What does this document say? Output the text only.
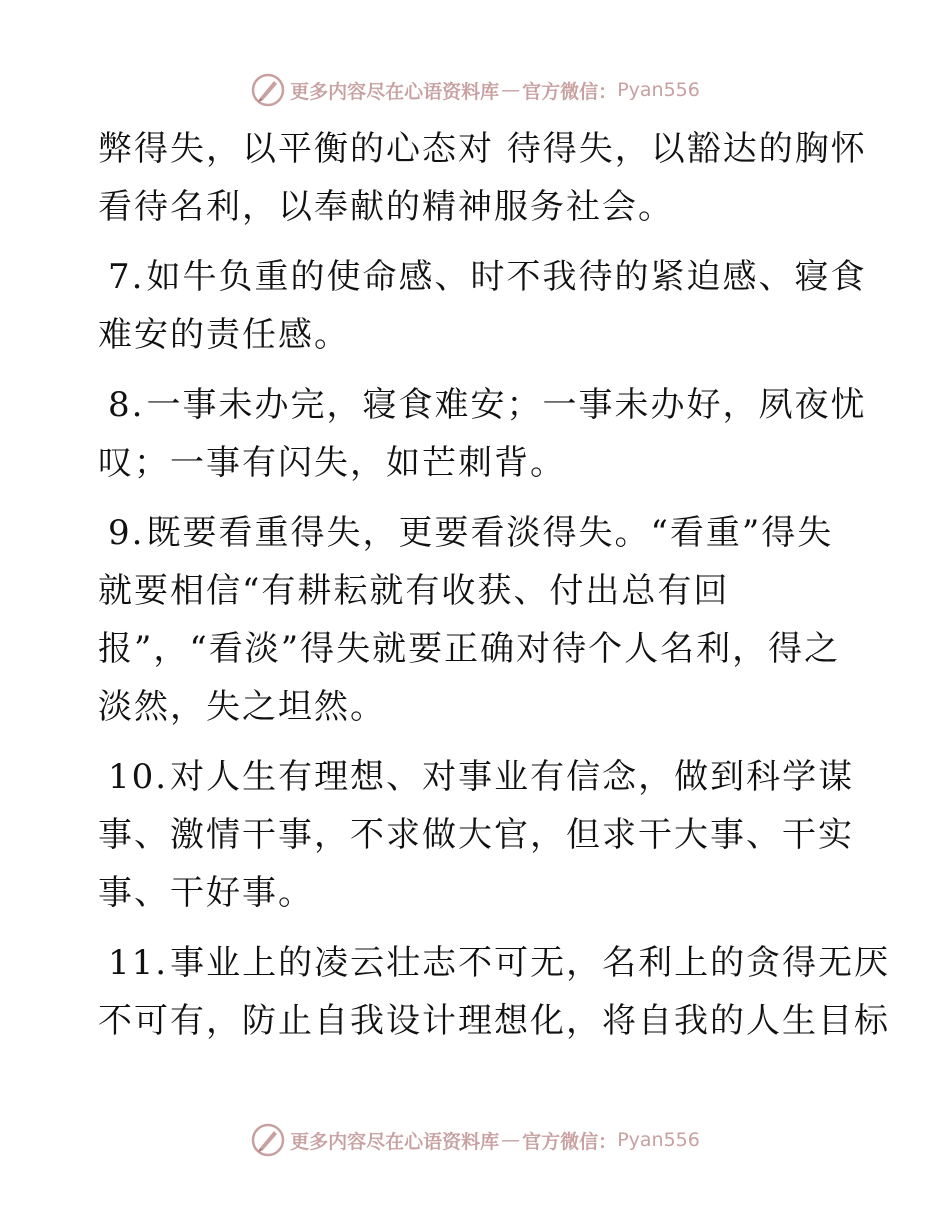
更多内容尽在心语资料库 — 官方微信： Pyan556
弊得失，以平衡的心态对 待得失，以豁达的胸怀
看待名利，以奉献的精神服务社会。
7.如牛负重的使命感、时不我待的紧迫感、寝食
难安的责任感。
8.一事未办完，寝食难安；一事未办好，夙夜忧
叹；一事有闪失，如芒刺背。
9.既要看重得失，更要看淡得失。“看重”得失
就要相信“有耕耘就有收获、付出总有回
报”，“看淡”得失就要正确对待个人名利，得之
淡然，失之坦然。
10.对人生有理想、对事业有信念，做到科学谋
事、激情干事，不求做大官，但求干大事、干实
事、干好事。
11.事业上的凌云壮志不可无，名利上的贪得无厌
不可有，防止自我设计理想化，将自我的人生目标
更多内容尽在心语资料库 — 官方微信： Pyan556
